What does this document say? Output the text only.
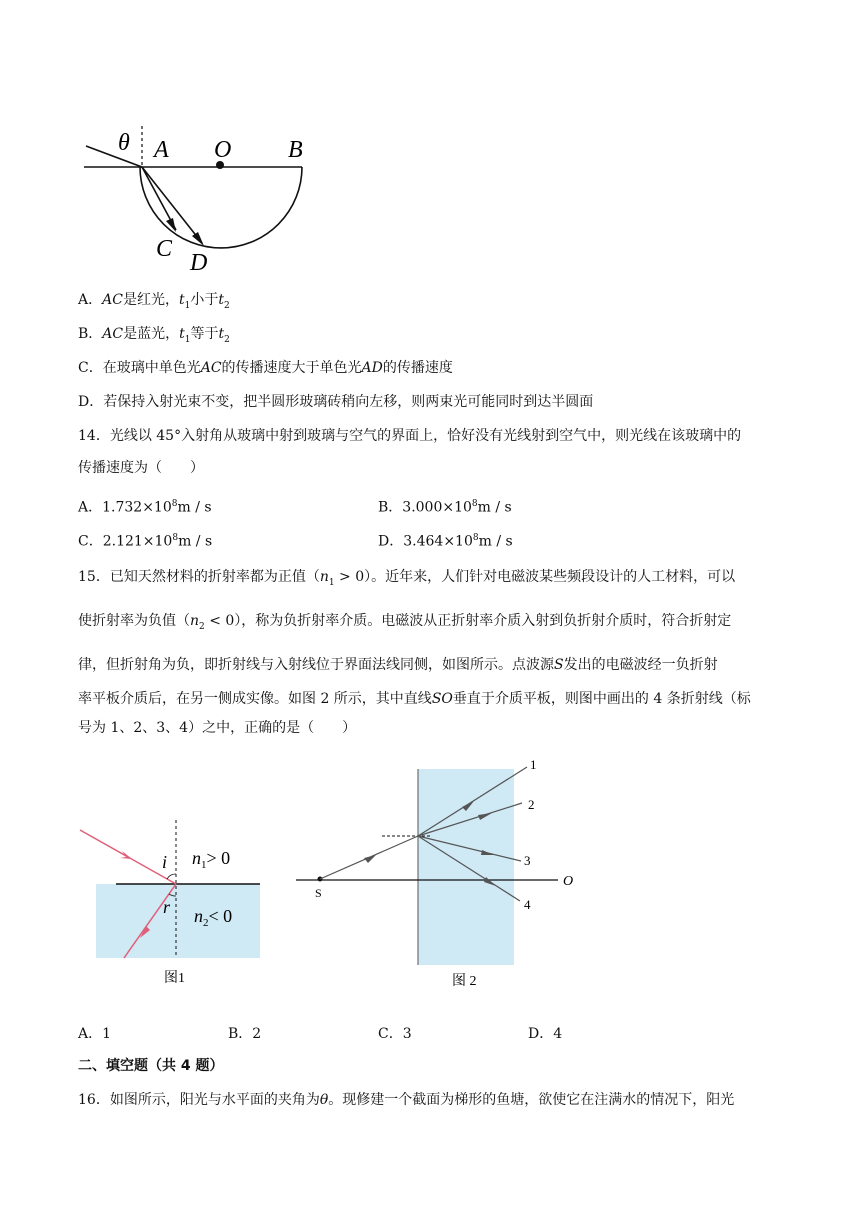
θ A O B
C
D
A．AC是红光，$t_1$小于$t_2$
B．AC是蓝光，$t_1$等于$t_2$
C．在玻璃中单色光AC的传播速度大于单色光AD的传播速度
D．若保持入射光束不变，把半圆形玻璃砖稍向左移，则两束光可能同时到达半圆面
14．光线以 45°入射角从玻璃中射到玻璃与空气的界面上，恰好没有光线射到空气中，则光线在该玻璃中的
传播速度为（　　）
A．$1.732\times 10^8m / s$	B．$3.000\times 10^8m / s$
C．$2.121\times 10^8m / s$	D．$3.464\times 10^8m / s$
15．已知天然材料的折射率都为正值$(n_1 > 0)$。近年来，人们针对电磁波某些频段设计的人工材料，可以
使折射率为负值$(n_2 < 0)$，称为负折射率介质。电磁波从正折射率介质入射到负折射介质时，符合折射定
律，但折射角为负，即折射线与入射线位于界面法线同侧，如图所示。点波源S发出的电磁波经一负折射
率平板介质后，在另一侧成实像。如图 2 所示，其中直线SO垂直于介质平板，则图中画出的 4 条折射线（标
号为 1、2、3、4）之中，正确的是（　　）
i
r
$n_1> 0$
$n_2< 0$
图1
1
2
3
4
S
O
图 2
A．1	B．2	C．3	D．4
二、填空题（共 4 题）
16．如图所示，阳光与水平面的夹角为θ。现修建一个截面为梯形的鱼塘，欲使它在注满水的情况下，阳光
